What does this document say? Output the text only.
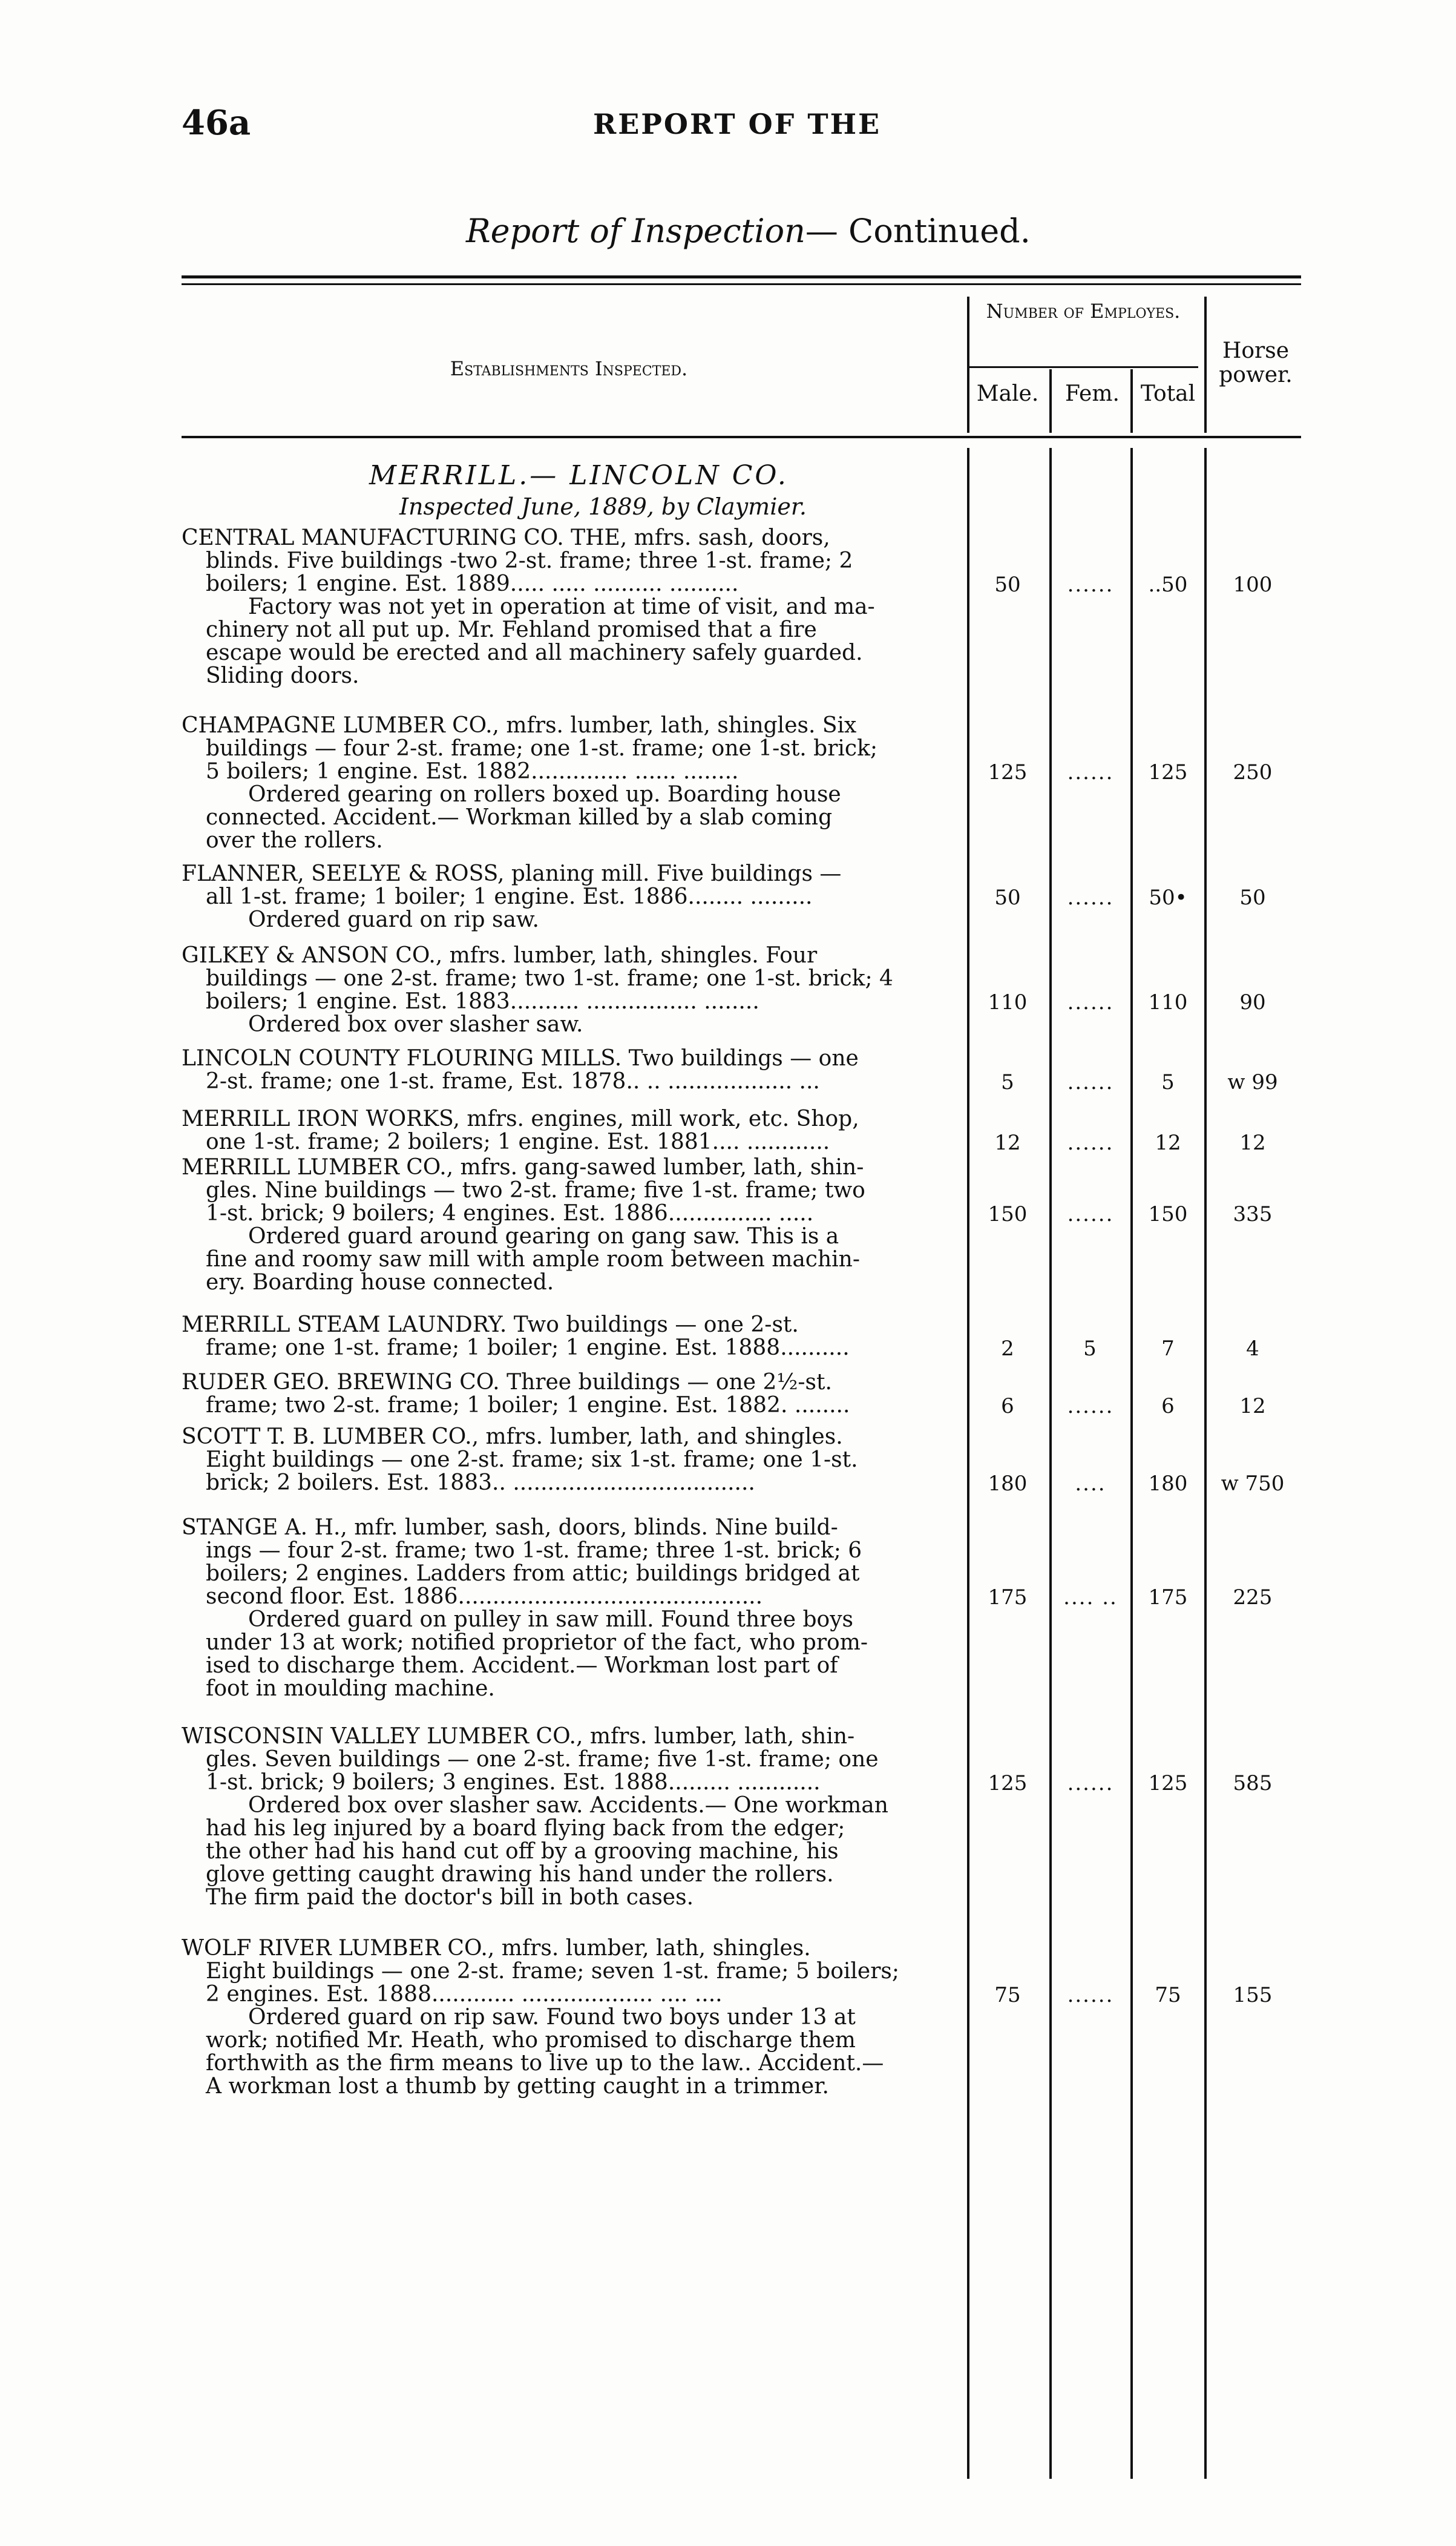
46a	REPORT OF THE
Report of Inspection— Continued.
Establishments Inspected.
Number of Employes.
Male.	Fem. Total
Horse power.
MERRILL.— LINCOLN CO.
Inspected June, 1889, by Claymier.
CENTRAL MANUFACTURING CO. THE, mfrs. sash, doors,
blinds. Five buildings -two 2-st. frame; three 1-st. frame; 2
boilers; 1 engine. Est. 1889..... ..... .......... ..........
Factory was not yet in operation at time of visit, and ma-
chinery not all put up. Mr. Fehland promised that a fire
escape would be erected and all machinery safely guarded.
Sliding doors.
50	......	..50	100
CHAMPAGNE LUMBER CO., mfrs. lumber, lath, shingles. Six
buildings — four 2-st. frame; one 1-st. frame; one 1-st. brick;
5 boilers; 1 engine. Est. 1882.............. ...... ........
Ordered gearing on rollers boxed up. Boarding house
connected. Accident.— Workman killed by a slab coming
over the rollers.
125	......	125	250
FLANNER, SEELYE & ROSS, planing mill. Five buildings —
all 1-st. frame; 1 boiler; 1 engine. Est. 1886........ .........
Ordered guard on rip saw.
50	......	50•	50
GILKEY & ANSON CO., mfrs. lumber, lath, shingles. Four
buildings — one 2-st. frame; two 1-st. frame; one 1-st. brick; 4
boilers; 1 engine. Est. 1883.......... ................ ........
Ordered box over slasher saw.
110	......	110	90
LINCOLN COUNTY FLOURING MILLS. Two buildings — one
2-st. frame; one 1-st. frame, Est. 1878.. .. .................. ...	5	......	5	w 99
MERRILL IRON WORKS, mfrs. engines, mill work, etc. Shop,
one 1-st. frame; 2 boilers; 1 engine. Est. 1881.... ............	12	......	12	12
MERRILL LUMBER CO., mfrs. gang-sawed lumber, lath, shin-
gles. Nine buildings — two 2-st. frame; five 1-st. frame; two
1-st. brick; 9 boilers; 4 engines. Est. 1886............... .....
Ordered guard around gearing on gang saw. This is a
fine and roomy saw mill with ample room between machin-
ery. Boarding house connected.
150	......	150	335
MERRILL STEAM LAUNDRY. Two buildings — one 2-st.
frame; one 1-st. frame; 1 boiler; 1 engine. Est. 1888..........	2	5	7	4
RUDER GEO. BREWING CO. Three buildings — one 2½-st.
frame; two 2-st. frame; 1 boiler; 1 engine. Est. 1882. ........	6	......	6	12
SCOTT T. B. LUMBER CO., mfrs. lumber, lath, and shingles.
Eight buildings — one 2-st. frame; six 1-st. frame; one 1-st.
brick; 2 boilers. Est. 1883.. ...................................	180	....	180	w 750
STANGE A. H., mfr. lumber, sash, doors, blinds. Nine build-
ings — four 2-st. frame; two 1-st. frame; three 1-st. brick; 6
boilers; 2 engines. Ladders from attic; buildings bridged at
second floor. Est. 1886............................................
Ordered guard on pulley in saw mill. Found three boys
under 13 at work; notified proprietor of the fact, who prom-
ised to discharge them. Accident.— Workman lost part of
foot in moulding machine.
175	.... ..	175	225
WISCONSIN VALLEY LUMBER CO., mfrs. lumber, lath, shin-
gles. Seven buildings — one 2-st. frame; five 1-st. frame; one
1-st. brick; 9 boilers; 3 engines. Est. 1888......... ............
Ordered box over slasher saw. Accidents.— One workman
had his leg injured by a board flying back from the edger;
the other had his hand cut off by a grooving machine, his
glove getting caught drawing his hand under the rollers.
The firm paid the doctor's bill in both cases.
125	......	125	585
WOLF RIVER LUMBER CO., mfrs. lumber, lath, shingles.
Eight buildings — one 2-st. frame; seven 1-st. frame; 5 boilers;
2 engines. Est. 1888............ ................... .... ....
Ordered guard on rip saw. Found two boys under 13 at
work; notified Mr. Heath, who promised to discharge them
forthwith as the firm means to live up to the law.. Accident.—
A workman lost a thumb by getting caught in a trimmer.
75	......	75	155
